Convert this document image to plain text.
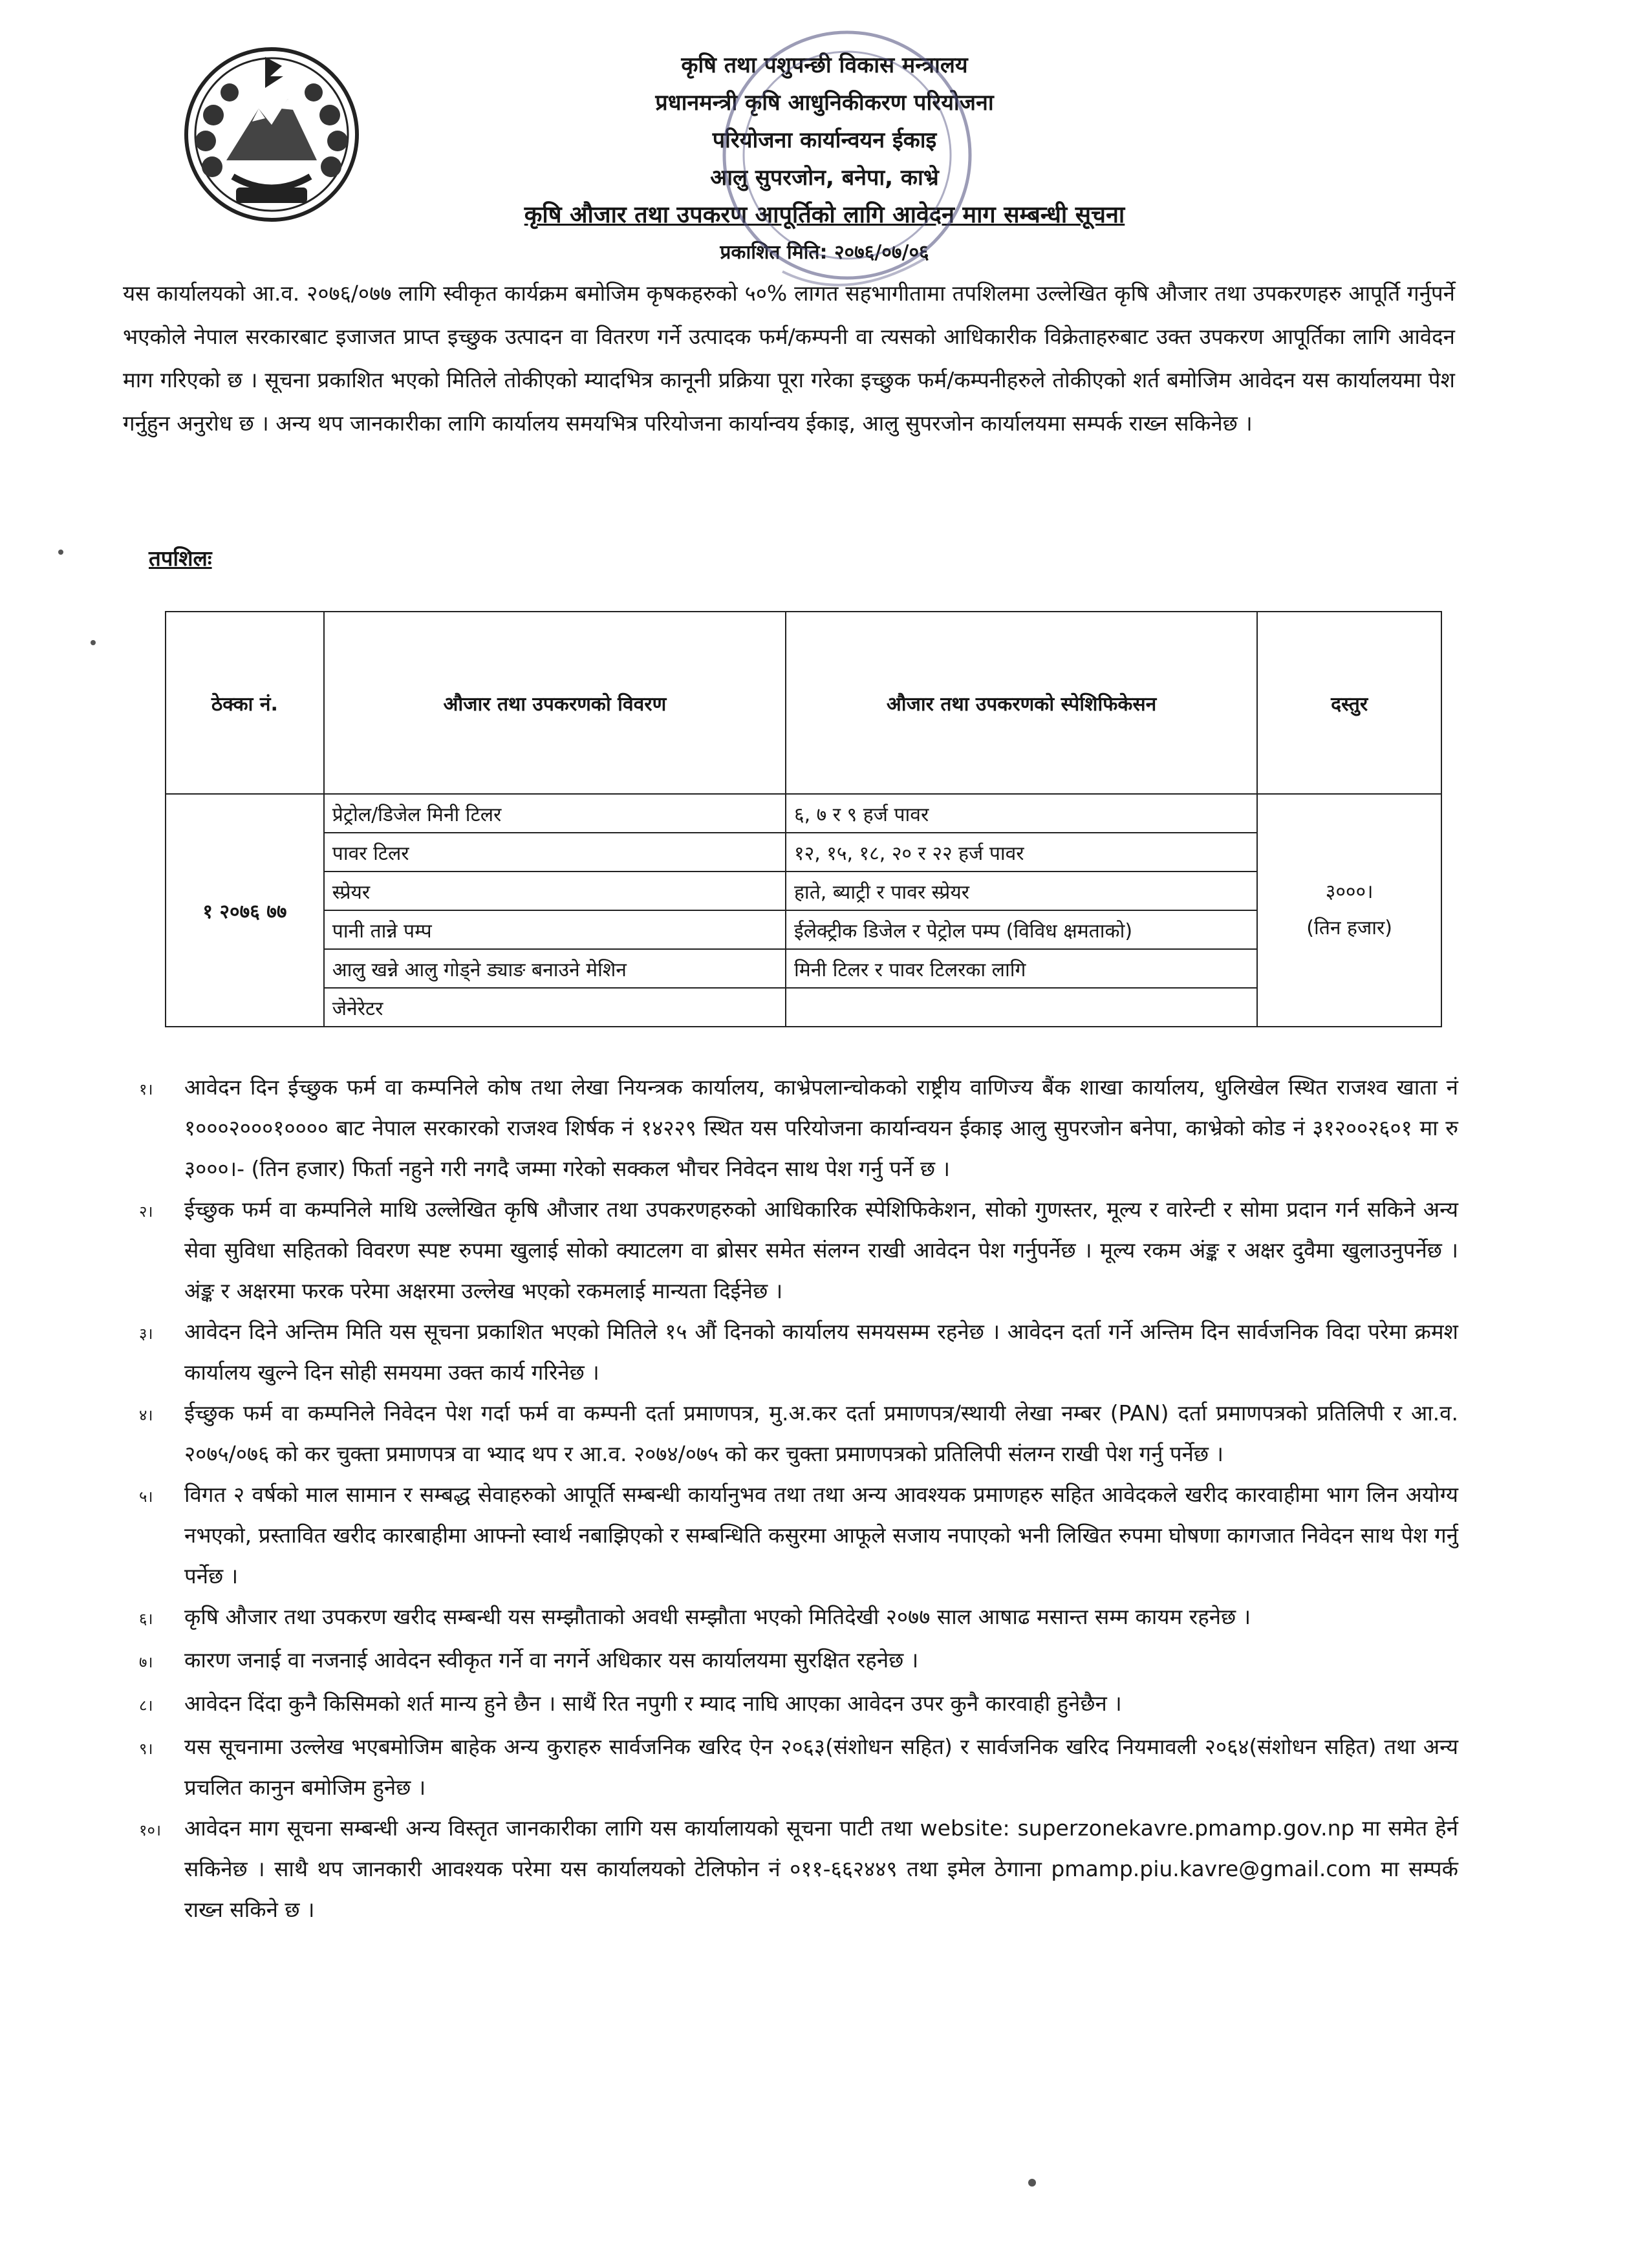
कृषि तथा पशुपन्छी विकास मन्त्रालय
प्रधानमन्त्री कृषि आधुनिकीकरण परियोजना
परियोजना कार्यान्वयन ईकाइ
आलु सुपरजोन, बनेपा, काभ्रे
कृषि औजार तथा उपकरण आपूर्तिको लागि आवेदन माग सम्बन्धी सूचना
प्रकाशित मिति: २०७६/०७/०६
यस कार्यालयको आ.व. २०७६/०७७ लागि स्वीकृत कार्यक्रम बमोजिम कृषकहरुको ५०% लागत सहभागीतामा तपशिलमा उल्लेखित कृषि औजार तथा उपकरणहरु आपूर्ति गर्नुपर्ने भएकोले नेपाल सरकारबाट इजाजत प्राप्त इच्छुक उत्पादन वा वितरण गर्ने उत्पादक फर्म/कम्पनी वा त्यसको आधिकारीक विक्रेताहरुबाट उक्त उपकरण आपूर्तिका लागि आवेदन माग गरिएको छ । सूचना प्रकाशित भएको मितिले तोकीएको म्यादभित्र कानूनी प्रक्रिया पूरा गरेका इच्छुक फर्म/कम्पनीहरुले तोकीएको शर्त बमोजिम आवेदन यस कार्यालयमा पेश गर्नुहुन अनुरोध छ । अन्य थप जानकारीका लागि कार्यालय समयभित्र परियोजना कार्यान्वय ईकाइ, आलु सुपरजोन कार्यालयमा सम्पर्क राख्न सकिनेछ ।
तपशिलः
ठेक्का नं.	औजार तथा उपकरणको विवरण	औजार तथा उपकरणको स्पेशिफिकेसन	दस्तुर
१ २०७६ ७७	प्रेट्रोल/डिजेल मिनी टिलर	६, ७ र ९ हर्ज पावर	३०००।
(तिन हजार)

	पावर टिलर	१२, १५, १८, २० र २२ हर्ज पावर	
	स्प्रेयर	हाते, ब्याट्री र पावर स्प्रेयर	
	पानी तान्ने पम्प	ईलेक्ट्रीक डिजेल र पेट्रोल पम्प (विविध क्षमताको)	
	आलु खन्ने आलु गोड्ने ड्याङ बनाउने मेशिन	मिनी टिलर र पावर टिलरका लागि	
	जेनेरेटर		
१।	आवेदन दिन ईच्छुक फर्म वा कम्पनिले कोष तथा लेखा नियन्त्रक कार्यालय, काभ्रेपलान्चोकको राष्ट्रीय वाणिज्य बैंक शाखा कार्यालय, धुलिखेल स्थित राजश्व खाता नं १०००२०००१०००० बाट नेपाल सरकारको राजश्व शिर्षक नं १४२२९ स्थित यस परियोजना कार्यान्वयन ईकाइ आलु सुपरजोन बनेपा, काभ्रेको कोड नं ३१२००२६०१ मा रु ३०००।- (तिन हजार) फिर्ता नहुने गरी नगदै जम्मा गरेको सक्कल भौचर निवेदन साथ पेश गर्नु पर्ने छ ।
२।	ईच्छुक फर्म वा कम्पनिले माथि उल्लेखित कृषि औजार तथा उपकरणहरुको आधिकारिक स्पेशिफिकेशन, सोको गुणस्तर, मूल्य र वारेन्टी र सोमा प्रदान गर्न सकिने अन्य सेवा सुविधा सहितको विवरण स्पष्ट रुपमा खुलाई सोको क्याटलग वा ब्रोसर समेत संलग्न राखी आवेदन पेश गर्नुपर्नेछ । मूल्य रकम अंङ्क र अक्षर दुवैमा खुलाउनुपर्नेछ । अंङ्क र अक्षरमा फरक परेमा अक्षरमा उल्लेख भएको रकमलाई मान्यता दिईनेछ ।
३।	आवेदन दिने अन्तिम मिति यस सूचना प्रकाशित भएको मितिले १५ औं दिनको कार्यालय समयसम्म रहनेछ । आवेदन दर्ता गर्ने अन्तिम दिन सार्वजनिक विदा परेमा क्रमश कार्यालय खुल्ने दिन सोही समयमा उक्त कार्य गरिनेछ ।
४।	ईच्छुक फर्म वा कम्पनिले निवेदन पेश गर्दा फर्म वा कम्पनी दर्ता प्रमाणपत्र, मु.अ.कर दर्ता प्रमाणपत्र/स्थायी लेखा नम्बर (PAN) दर्ता प्रमाणपत्रको प्रतिलिपी र आ.व. २०७५/०७६ को कर चुक्ता प्रमाणपत्र वा भ्याद थप र आ.व. २०७४/०७५ को कर चुक्ता प्रमाणपत्रको प्रतिलिपी संलग्न राखी पेश गर्नु पर्नेछ ।
५।	विगत २ वर्षको माल सामान र सम्बद्ध सेवाहरुको आपूर्ति सम्बन्धी कार्यानुभव तथा तथा अन्य आवश्यक प्रमाणहरु सहित आवेदकले खरीद कारवाहीमा भाग लिन अयोग्य नभएको, प्रस्तावित खरीद कारबाहीमा आफ्नो स्वार्थ नबाझिएको र सम्बन्धिति कसुरमा आफूले सजाय नपाएको भनी लिखित रुपमा घोषणा कागजात निवेदन साथ पेश गर्नु पर्नेछ ।
६।	कृषि औजार तथा उपकरण खरीद सम्बन्धी यस सम्झौताको अवधी सम्झौता भएको मितिदेखी २०७७ साल आषाढ मसान्त सम्म कायम रहनेछ ।
७।	कारण जनाई वा नजनाई आवेदन स्वीकृत गर्ने वा नगर्ने अधिकार यस कार्यालयमा सुरक्षित रहनेछ ।
८।	आवेदन दिंदा कुनै किसिमको शर्त मान्य हुने छैन । साथैं रित नपुगी र म्याद नाघि आएका आवेदन उपर कुनै कारवाही हुनेछैन ।
९।	यस सूचनामा उल्लेख भएबमोजिम बाहेक अन्य कुराहरु सार्वजनिक खरिद ऐन २०६३(संशोधन सहित) र सार्वजनिक खरिद नियमावली २०६४(संशोधन सहित) तथा अन्य प्रचलित कानुन बमोजिम हुनेछ ।
१०।	आवेदन माग सूचना सम्बन्धी अन्य विस्तृत जानकारीका लागि यस कार्यालायको सूचना पाटी तथा website: superzonekavre.pmamp.gov.np मा समेत हेर्न सकिनेछ । साथै थप जानकारी आवश्यक परेमा यस कार्यालयको टेलिफोन नं ०११-६६२४४९ तथा इमेल ठेगाना pmamp.piu.kavre@gmail.com मा सम्पर्क राख्न सकिने छ ।
